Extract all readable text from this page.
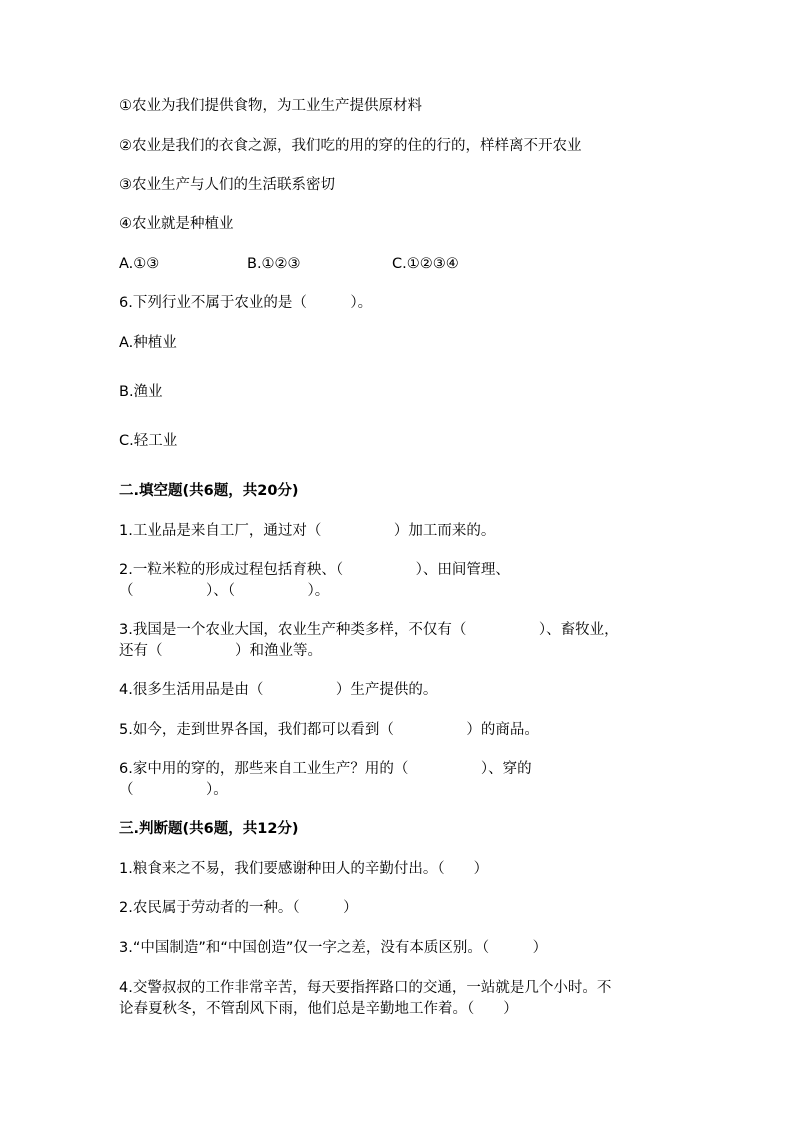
①农业为我们提供食物，为工业生产提供原材料
②农业是我们的衣食之源，我们吃的用的穿的住的行的，样样离不开农业
③农业生产与人们的生活联系密切
④农业就是种植业
A.①③	B.①②③	C.①②③④
6.下列行业不属于农业的是（　　　）。
A.种植业
B.渔业
C.轻工业
二.填空题(共6题，共20分)
1.工业品是来自工厂，通过对（　　　　　）加工而来的。
2.一粒米粒的形成过程包括育秧、（　　　　　）、田间管理、
（　　　　　）、（　　　　　）。
3.我国是一个农业大国，农业生产种类多样，不仅有（　　　　　）、畜牧业，
还有（　　　　　）和渔业等。
4.很多生活用品是由（　　　　　）生产提供的。
5.如今，走到世界各国，我们都可以看到（　　　　　）的商品。
6.家中用的穿的，那些来自工业生产？用的（　　　　　）、穿的
（　　　　　）。
三.判断题(共6题，共12分)
1.粮食来之不易，我们要感谢种田人的辛勤付出。（　　）
2.农民属于劳动者的一种。（　　　）
3.“中国制造”和“中国创造”仅一字之差，没有本质区别。（　　　）
4.交警叔叔的工作非常辛苦，每天要指挥路口的交通，一站就是几个小时。不
论春夏秋冬，不管刮风下雨，他们总是辛勤地工作着。（　　）
